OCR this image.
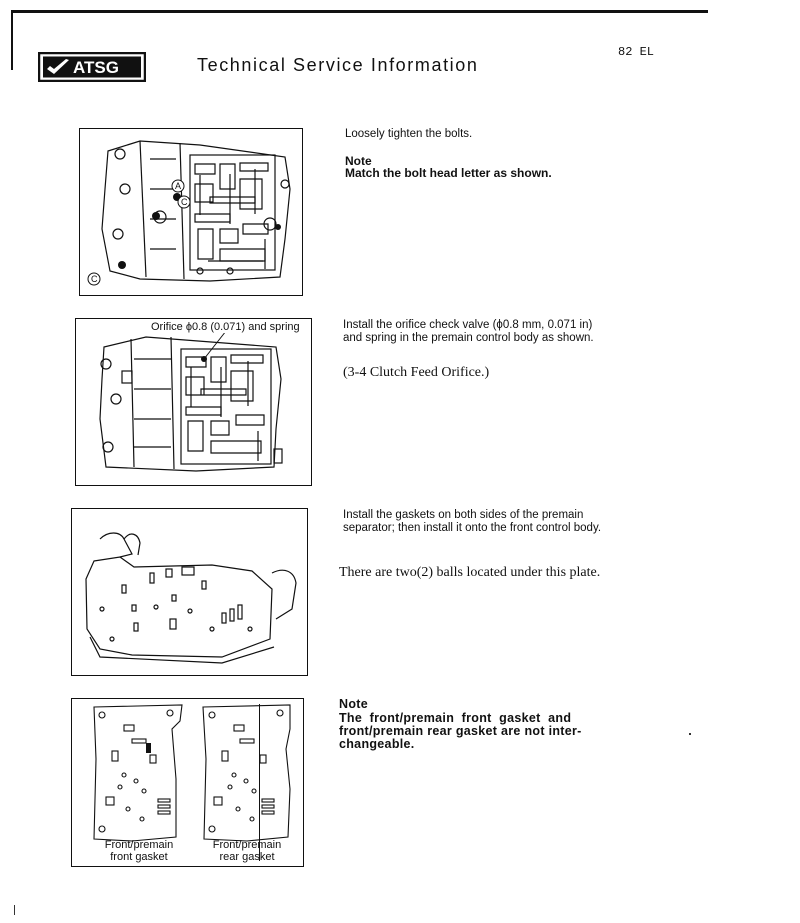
ATSG	Technical Service Information
82 EL
A
C
C
Loosely tighten the bolts.
Note
Match the bolt head letter as shown.
Orifice ϕ0.8 (0.071) and spring	Install the orifice check valve (ϕ0.8 mm, 0.071 in)
and spring in the premain control body as shown.
(3-4 Clutch Feed Orifice.)
Install the gaskets on both sides of the premain
separator; then install it onto the front control body.
There are two(2) balls located under this plate.
Front/premain
front gasket
Front/premain
rear gasket
Note
The  front/premain  front  gasket  and
front/premain rear gasket are not inter-
changeable.
